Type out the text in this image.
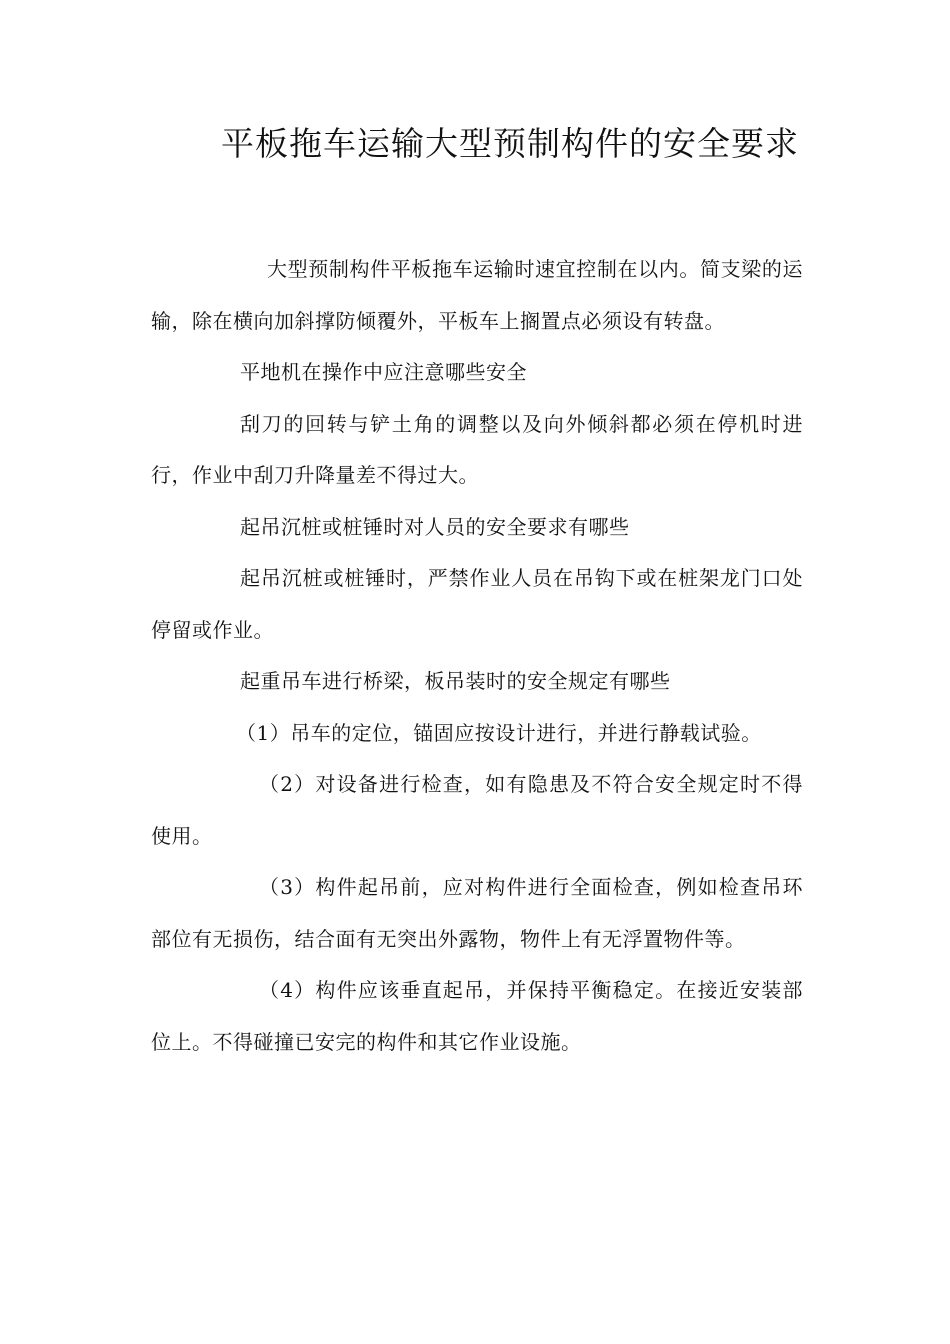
平板拖车运输大型预制构件的安全要求

大型预制构件平板拖车运输时速宜控制在以内。简支梁的运输，除在横向加斜撑防倾覆外，平板车上搁置点必须设有转盘。

平地机在操作中应注意哪些安全

刮刀的回转与铲土角的调整以及向外倾斜都必须在停机时进行，作业中刮刀升降量差不得过大。

起吊沉桩或桩锤时对人员的安全要求有哪些

起吊沉桩或桩锤时，严禁作业人员在吊钩下或在桩架龙门口处停留或作业。

起重吊车进行桥梁，板吊装时的安全规定有哪些

（1）吊车的定位，锚固应按设计进行，并进行静载试验。

（2）对设备进行检查，如有隐患及不符合安全规定时不得使用。

（3）构件起吊前，应对构件进行全面检查，例如检查吊环部位有无损伤，结合面有无突出外露物，物件上有无浮置物件等。

（4）构件应该垂直起吊，并保持平衡稳定。在接近安装部位上。不得碰撞已安完的构件和其它作业设施。
